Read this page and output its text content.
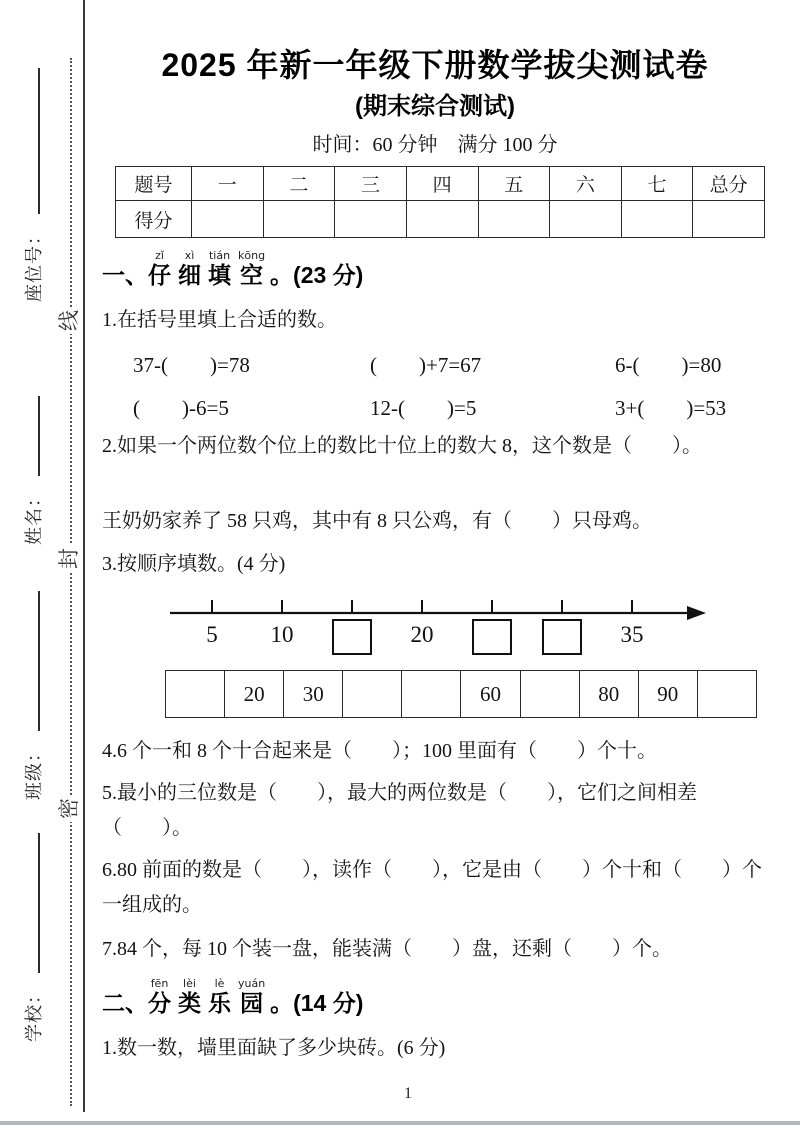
座位号：
姓名：
班级：
学校：
线
封
密
2025 年新一年级下册数学拔尖测试卷
(期末综合测试)
时间：60 分钟　满分 100 分
题号	一	二	三	四	五	六	七	总分
得分								
一、仔zǐ细xì填tián空kōng。(23 分)
1.在括号里填上合适的数。
37-(　　)=78	(　　)+7=67	6-(　　)=80
(　　)-6=5	12-(　　)=5	3+(　　)=53
2.如果一个两位数个位上的数比十位上的数大 8，这个数是（　　）。
王奶奶家养了 58 只鸡，其中有 8 只公鸡，有（　　）只母鸡。
3.按顺序填数。(4 分)
5 10	20	35
	20	30			60		80	90	
4.6 个一和 8 个十合起来是（　　）；100 里面有（　　）个十。
5.最小的三位数是（　　），最大的两位数是（　　），它们之间相差（　　）。
6.80 前面的数是（　　），读作（　　），它是由（　　）个十和（　　）个一组成的。
7.84 个，每 10 个装一盘，能装满（　　）盘，还剩（　　）个。
二、分fēn类lèi乐lè园yuán。(14 分)
1.数一数，墙里面缺了多少块砖。(6 分)
1
